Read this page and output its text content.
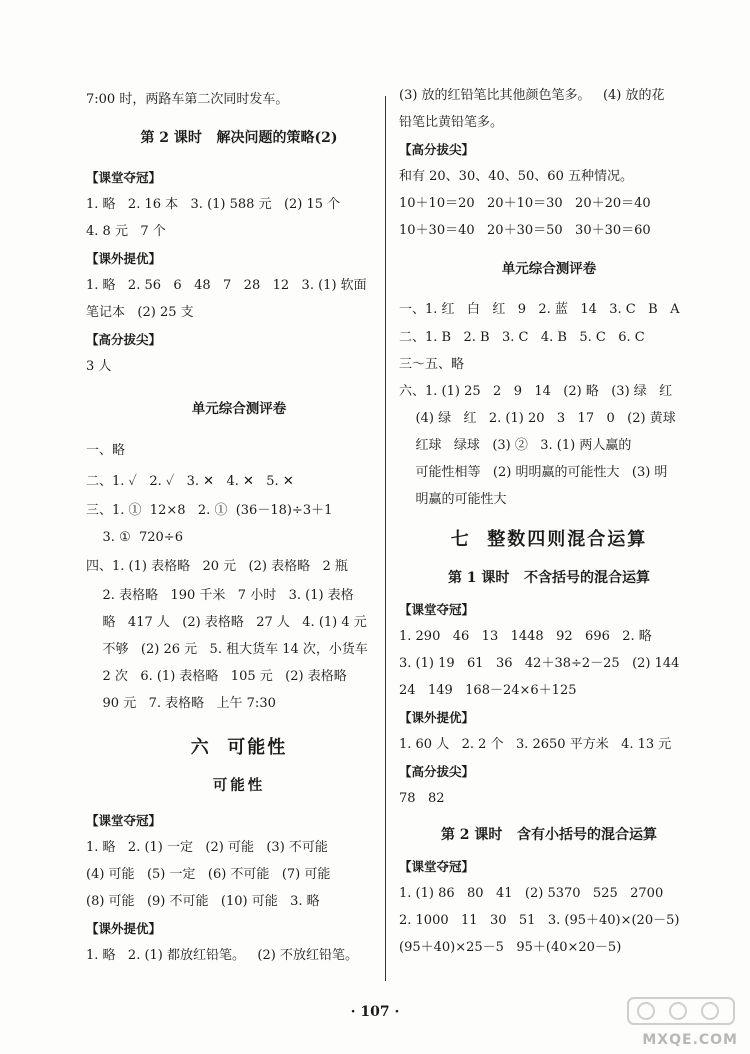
7:00 时，两路车第二次同时发车。
第 2 课时   解决问题的策略(2)
【课堂夺冠】
1. 略   2. 16 本   3. (1) 588 元   (2) 15 个
4. 8 元   7 个
【课外提优】
1. 略   2. 56   6   48   7   28   12   3. (1) 软面
笔记本   (2) 25 支
【高分拔尖】
3 人
单元综合测评卷
一、略
二、1. ✓   2. ✓   3. ✕   4. ✕   5. ✕
三、1. ①  12×8   2. ①  (36－18)÷3＋1
3. ①  720÷6
四、1. (1) 表格略   20 元   (2) 表格略   2 瓶
2. 表格略   190 千米   7 小时   3. (1) 表格
略   417 人   (2) 表格略   27 人   4. (1) 4 元
不够   (2) 26 元   5. 租大货车 14 次，小货车
2 次   6. (1) 表格略   105 元   (2) 表格略
90 元   7. 表格略   上午 7:30
六  可能性
可能性
【课堂夺冠】
1. 略   2. (1) 一定   (2) 可能   (3) 不可能
(4) 可能   (5) 一定   (6) 不可能   (7) 可能
(8) 可能   (9) 不可能   (10) 可能   3. 略
【课外提优】
1. 略   2. (1) 都放红铅笔。   (2) 不放红铅笔。
(3) 放的红铅笔比其他颜色笔多。   (4) 放的花
铅笔比黄铅笔多。
【高分拔尖】
和有 20、30、40、50、60 五种情况。
10＋10＝20   20＋10＝30   20＋20＝40
10＋30＝40   20＋30＝50   30＋30＝60
单元综合测评卷
一、1. 红   白   红   9   2. 蓝   14   3. C   B   A
二、1. B   2. B   3. C   4. B   5. C   6. C
三～五、略
六、1. (1) 25   2   9   14   (2) 略   (3) 绿   红
(4) 绿   红   2. (1) 20   3   17   0   (2) 黄球
红球   绿球   (3) ②   3. (1) 两人赢的
可能性相等   (2) 明明赢的可能性大   (3) 明
明赢的可能性大
七  整数四则混合运算
第 1 课时   不含括号的混合运算
【课堂夺冠】
1. 290   46   13   1448   92   696   2. 略
3. (1) 19   61   36   42＋38÷2－25   (2) 144
24   149   168－24×6＋125
【课外提优】
1. 60 人   2. 2 个   3. 2650 平方米   4. 13 元
【高分拔尖】
78   82
第 2 课时   含有小括号的混合运算
【课堂夺冠】
1. (1) 86   80   41   (2) 5370   525   2700
2. 1000   11   30   51   3. (95＋40)×(20－5)
(95＋40)×25－5   95＋(40×20－5)
· 107 ·
MXQE.COM
